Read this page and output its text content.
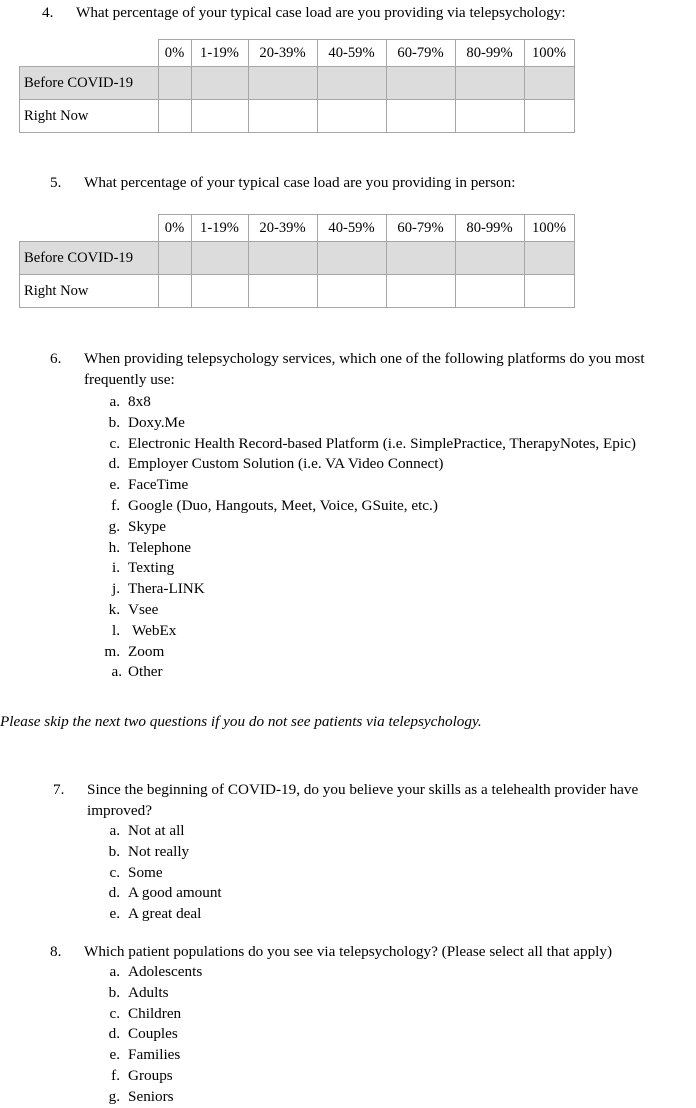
4.	What percentage of your typical case load are you providing via telepsychology:
	0%	1-19%	20-39%	40-59%	60-79%	80-99%	100%
Before COVID-19							
Right Now							
5.	What percentage of your typical case load are you providing in person:
	0%	1-19%	20-39%	40-59%	60-79%	80-99%	100%
Before COVID-19							
Right Now							
6.	When providing telepsychology services, which one of the following platforms do you most frequently use:
a. 8x8
b. Doxy.Me
c. Electronic Health Record-based Platform (i.e. SimplePractice, TherapyNotes, Epic)
d. Employer Custom Solution (i.e. VA Video Connect)
e. FaceTime
f. Google (Duo, Hangouts, Meet, Voice, GSuite, etc.)
g. Skype
h. Telephone
i. Texting
j. Thera-LINK
k. Vsee
l. WebEx
m. Zoom
a. Other
Please skip the next two questions if you do not see patients via telepsychology.
7.	Since the beginning of COVID-19, do you believe your skills as a telehealth provider have improved?
a. Not at all
b. Not really
c. Some
d. A good amount
e. A great deal
8.	Which patient populations do you see via telepsychology? (Please select all that apply)
a. Adolescents
b. Adults
c. Children
d. Couples
e. Families
f. Groups
g. Seniors
